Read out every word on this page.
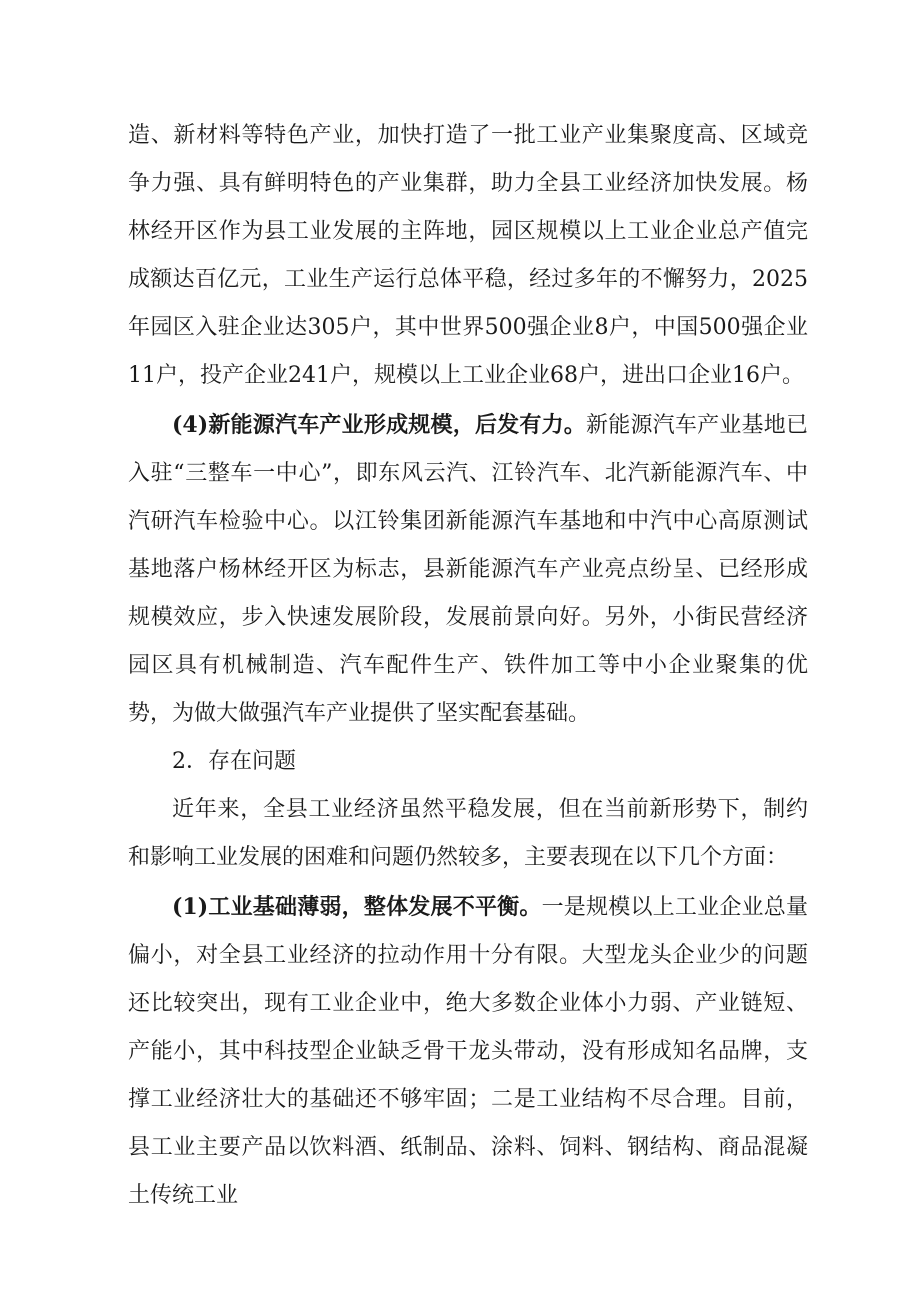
造、新材料等特色产业，加快打造了一批工业产业集聚度高、区域竞争力强、具有鲜明特色的产业集群，助力全县工业经济加快发展。杨林经开区作为县工业发展的主阵地，园区规模以上工业企业总产值完成额达百亿元，工业生产运行总体平稳，经过多年的不懈努力，2025年园区入驻企业达305户，其中世界500强企业8户，中国500强企业11户，投产企业241户，规模以上工业企业68户，进出口企业16户。

(4)新能源汽车产业形成规模，后发有力。新能源汽车产业基地已入驻“三整车一中心”，即东风云汽、江铃汽车、北汽新能源汽车、中汽研汽车检验中心。以江铃集团新能源汽车基地和中汽中心高原测试基地落户杨林经开区为标志，县新能源汽车产业亮点纷呈、已经形成规模效应，步入快速发展阶段，发展前景向好。另外，小街民营经济园区具有机械制造、汽车配件生产、铁件加工等中小企业聚集的优势，为做大做强汽车产业提供了坚实配套基础。

2．存在问题

近年来，全县工业经济虽然平稳发展，但在当前新形势下，制约和影响工业发展的困难和问题仍然较多，主要表现在以下几个方面：

(1)工业基础薄弱，整体发展不平衡。一是规模以上工业企业总量偏小，对全县工业经济的拉动作用十分有限。大型龙头企业少的问题还比较突出，现有工业企业中，绝大多数企业体小力弱、产业链短、产能小，其中科技型企业缺乏骨干龙头带动，没有形成知名品牌，支撑工业经济壮大的基础还不够牢固；二是工业结构不尽合理。目前，县工业主要产品以饮料酒、纸制品、涂料、饲料、钢结构、商品混凝土传统工业
